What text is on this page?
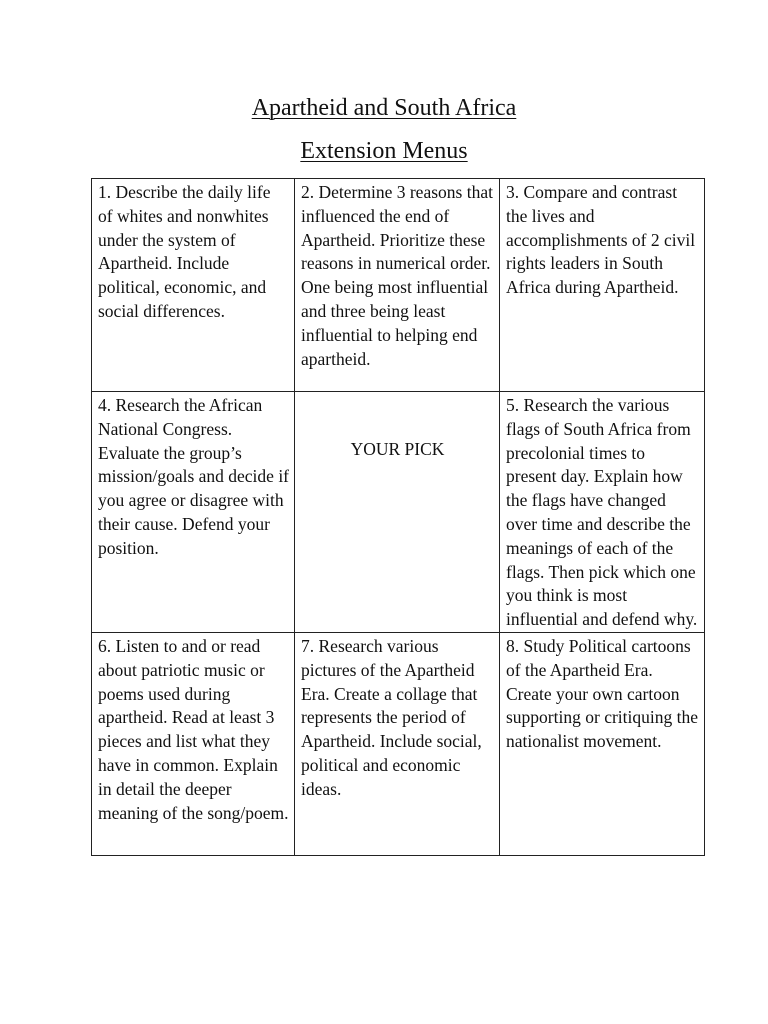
Apartheid and South Africa
Extension Menus
1. Describe the daily life of whites and nonwhites under the system of Apartheid. Include political, economic, and social differences.	2. Determine 3 reasons that influenced the end of Apartheid. Prioritize these reasons in numerical order. One being most influential and three being least influential to helping end apartheid.	3. Compare and contrast the lives and accomplishments of 2 civil rights leaders in South Africa during Apartheid.
4. Research the African National Congress. Evaluate the group’s mission/goals and decide if you agree or disagree with their cause. Defend your position.	YOUR PICK	5. Research the various flags of South Africa from precolonial times to present day. Explain how the flags have changed over time and describe the meanings of each of the flags. Then pick which one you think is most influential and defend why.
6. Listen to and or read about patriotic music or poems used during apartheid. Read at least 3 pieces and list what they have in common. Explain in detail the deeper meaning of the song/poem.	7. Research various pictures of the Apartheid Era. Create a collage that represents the period of Apartheid. Include social, political and economic ideas.	8. Study Political cartoons of the Apartheid Era. Create your own cartoon supporting or critiquing the nationalist movement.
